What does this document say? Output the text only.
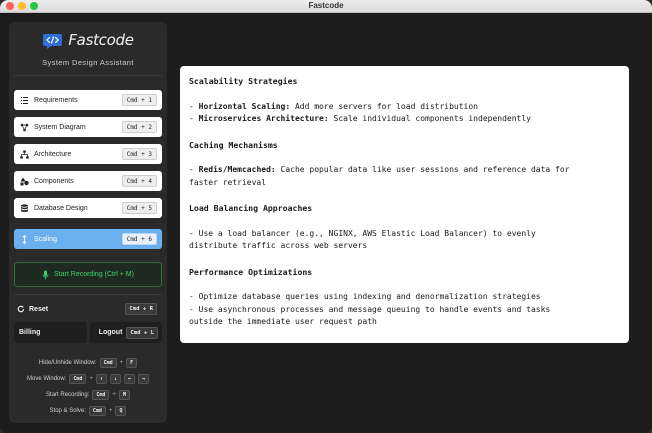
Fastcode
Fastcode
System Design Assistant
Requirements	Cmd + 1
System Diagram	Cmd + 2
Architecture	Cmd + 3
Components	Cmd + 4
Database Design	Cmd + 5
Scaling	Cmd + 6
Start Recording (Ctrl + M)
Reset	Cmd + R
Billing	Logout	Cmd + L
Hide/Unhide Window:	Cmd	+	F
Move Window:	Cmd	+	↑	↓	←	→
Start Recording:	Cmd	+	M
Stop & Solve:	Cmd	+	Q
Scalability Strategies

- Horizontal Scaling: Add more servers for load distribution

- Microservices Architecture: Scale individual components independently

Caching Mechanisms

- Redis/Memcached: Cache popular data like user sessions and reference data for
faster retrieval

Load Balancing Approaches

- Use a load balancer (e.g., NGINX, AWS Elastic Load Balancer) to evenly
distribute traffic across web servers

Performance Optimizations

- Optimize database queries using indexing and denormalization strategies

- Use asynchronous processes and message queuing to handle events and tasks
outside the immediate user request path
